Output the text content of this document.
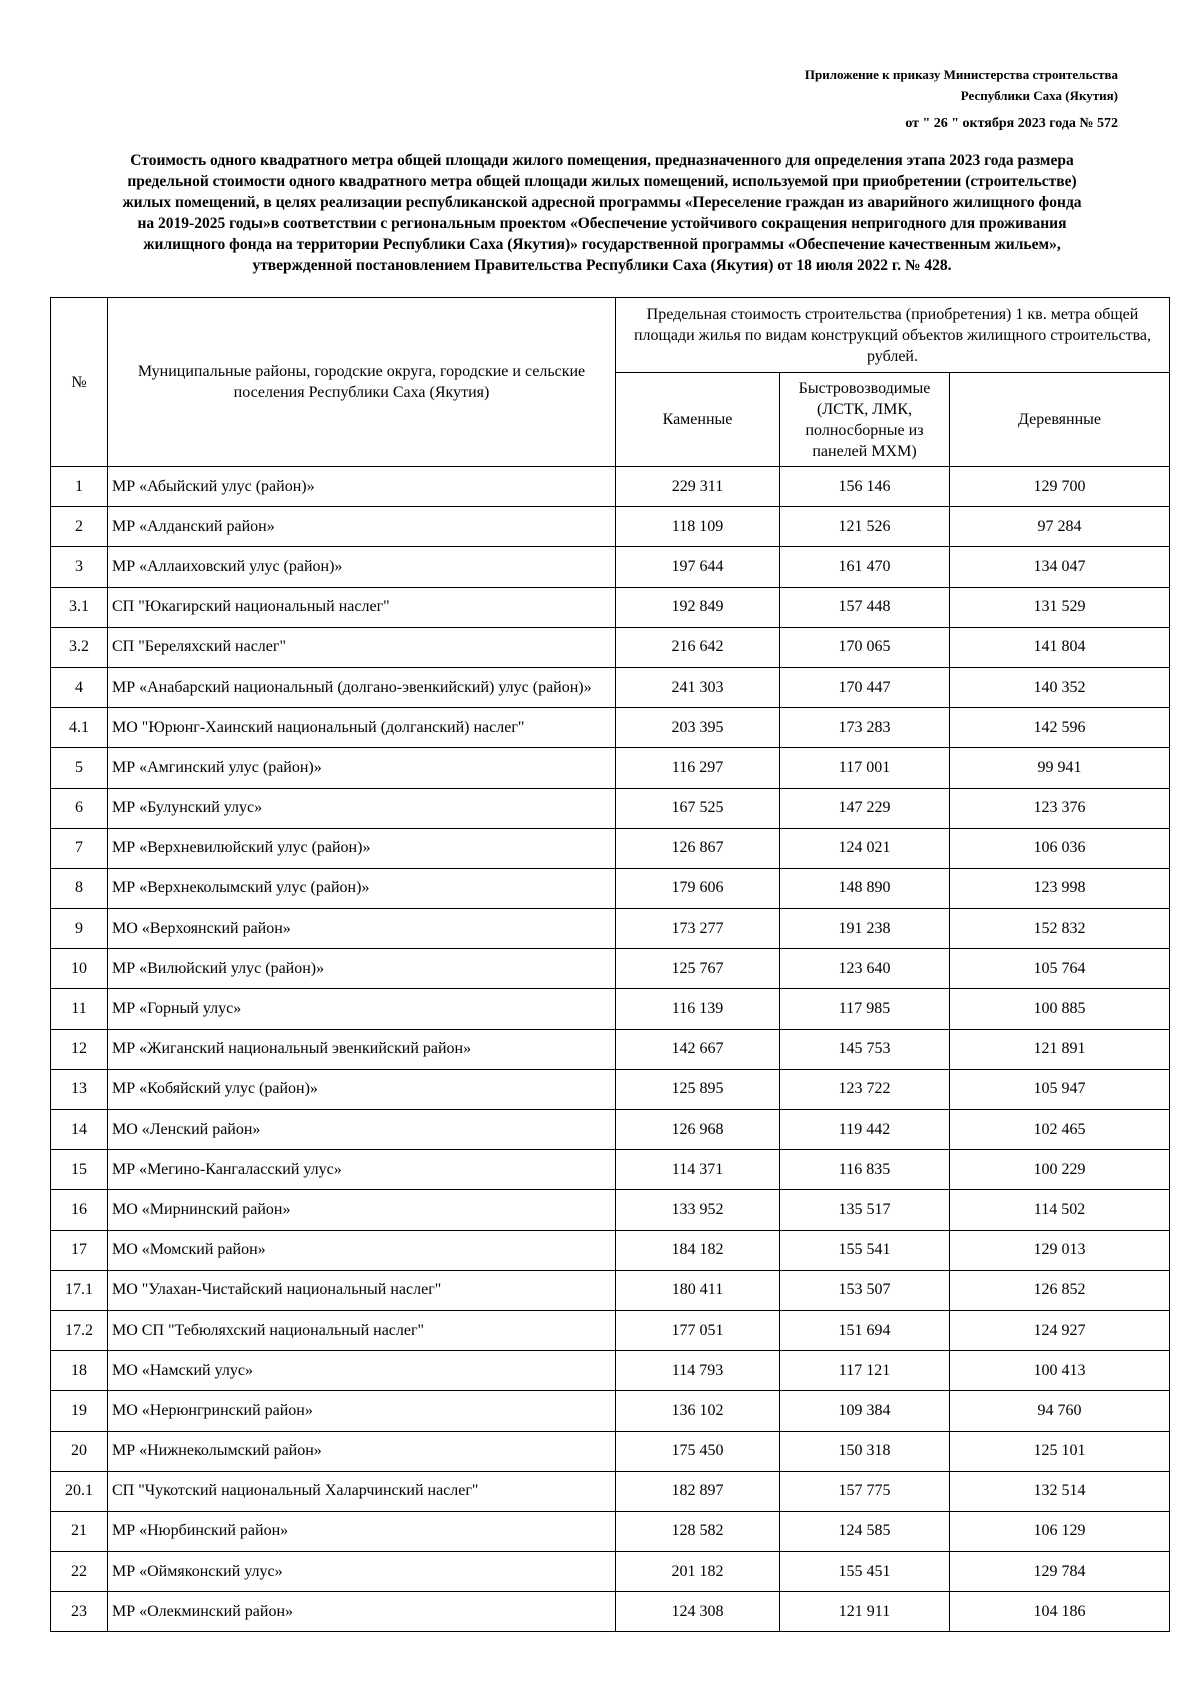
Приложение к приказу Министерства строительства
Республики Саха (Якутия)
от " 26 " октября 2023 года № 572

Стоимость одного квадратного метра общей площади жилого помещения, предназначенного для определения этапа 2023 года размера
предельной стоимости одного квадратного метра общей площади жилых помещений, используемой при приобретении (строительстве)
жилых помещений, в целях реализации республиканской адресной программы «Переселение граждан из аварийного жилищного фонда
на 2019-2025 годы»в соответствии с региональным проектом «Обеспечение устойчивого сокращения непригодного для проживания
жилищного фонда на территории Республики Саха (Якутия)» государственной программы «Обеспечение качественным жильем»,
утвержденной постановлением Правительства Республики Саха (Якутия) от 18 июля 2022 г. № 428.

№	Муниципальные районы, городские округа, городские и сельские поселения Республики Саха (Якутия)	Предельная стоимость строительства (приобретения) 1 кв. метра общей площади жилья по видам конструкций объектов жилищного строительства, рублей.		
		Каменные	Быстровозводимые (ЛСТК, ЛМК, полносборные из панелей МХМ)	Деревянные
1	МР «Абыйский улус (район)»	229 311	156 146	129 700
2	МР «Алданский район»	118 109	121 526	97 284
3	МР «Аллаиховский улус (район)»	197 644	161 470	134 047
3.1	СП "Юкагирский национальный наслег"	192 849	157 448	131 529
3.2	СП "Береляхский наслег"	216 642	170 065	141 804
4	МР «Анабарский национальный (долгано-эвенкийский) улус (район)»	241 303	170 447	140 352
4.1	МО "Юрюнг-Хаинский национальный (долганский) наслег"	203 395	173 283	142 596
5	МР «Амгинский улус (район)»	116 297	117 001	99 941
6	МР «Булунский улус»	167 525	147 229	123 376
7	МР «Верхневилюйский улус (район)»	126 867	124 021	106 036
8	МР «Верхнеколымский улус (район)»	179 606	148 890	123 998
9	МО «Верхоянский район»	173 277	191 238	152 832
10	МР «Вилюйский улус (район)»	125 767	123 640	105 764
11	МР «Горный улус»	116 139	117 985	100 885
12	МР «Жиганский национальный эвенкийский район»	142 667	145 753	121 891
13	МР «Кобяйский улус (район)»	125 895	123 722	105 947
14	МО «Ленский район»	126 968	119 442	102 465
15	МР «Мегино-Кангаласский улус»	114 371	116 835	100 229
16	МО «Мирнинский район»	133 952	135 517	114 502
17	МО «Момский район»	184 182	155 541	129 013
17.1	МО "Улахан-Чистайский национальный наслег"	180 411	153 507	126 852
17.2	МО СП "Тебюляхский национальный наслег"	177 051	151 694	124 927
18	МО «Намский улус»	114 793	117 121	100 413
19	МО «Нерюнгринский район»	136 102	109 384	94 760
20	МР «Нижнеколымский район»	175 450	150 318	125 101
20.1	СП "Чукотский национальный Халарчинский наслег"	182 897	157 775	132 514
21	МР «Нюрбинский район»	128 582	124 585	106 129
22	МР «Оймяконский улус»	201 182	155 451	129 784
23	МР «Олекминский район»	124 308	121 911	104 186
